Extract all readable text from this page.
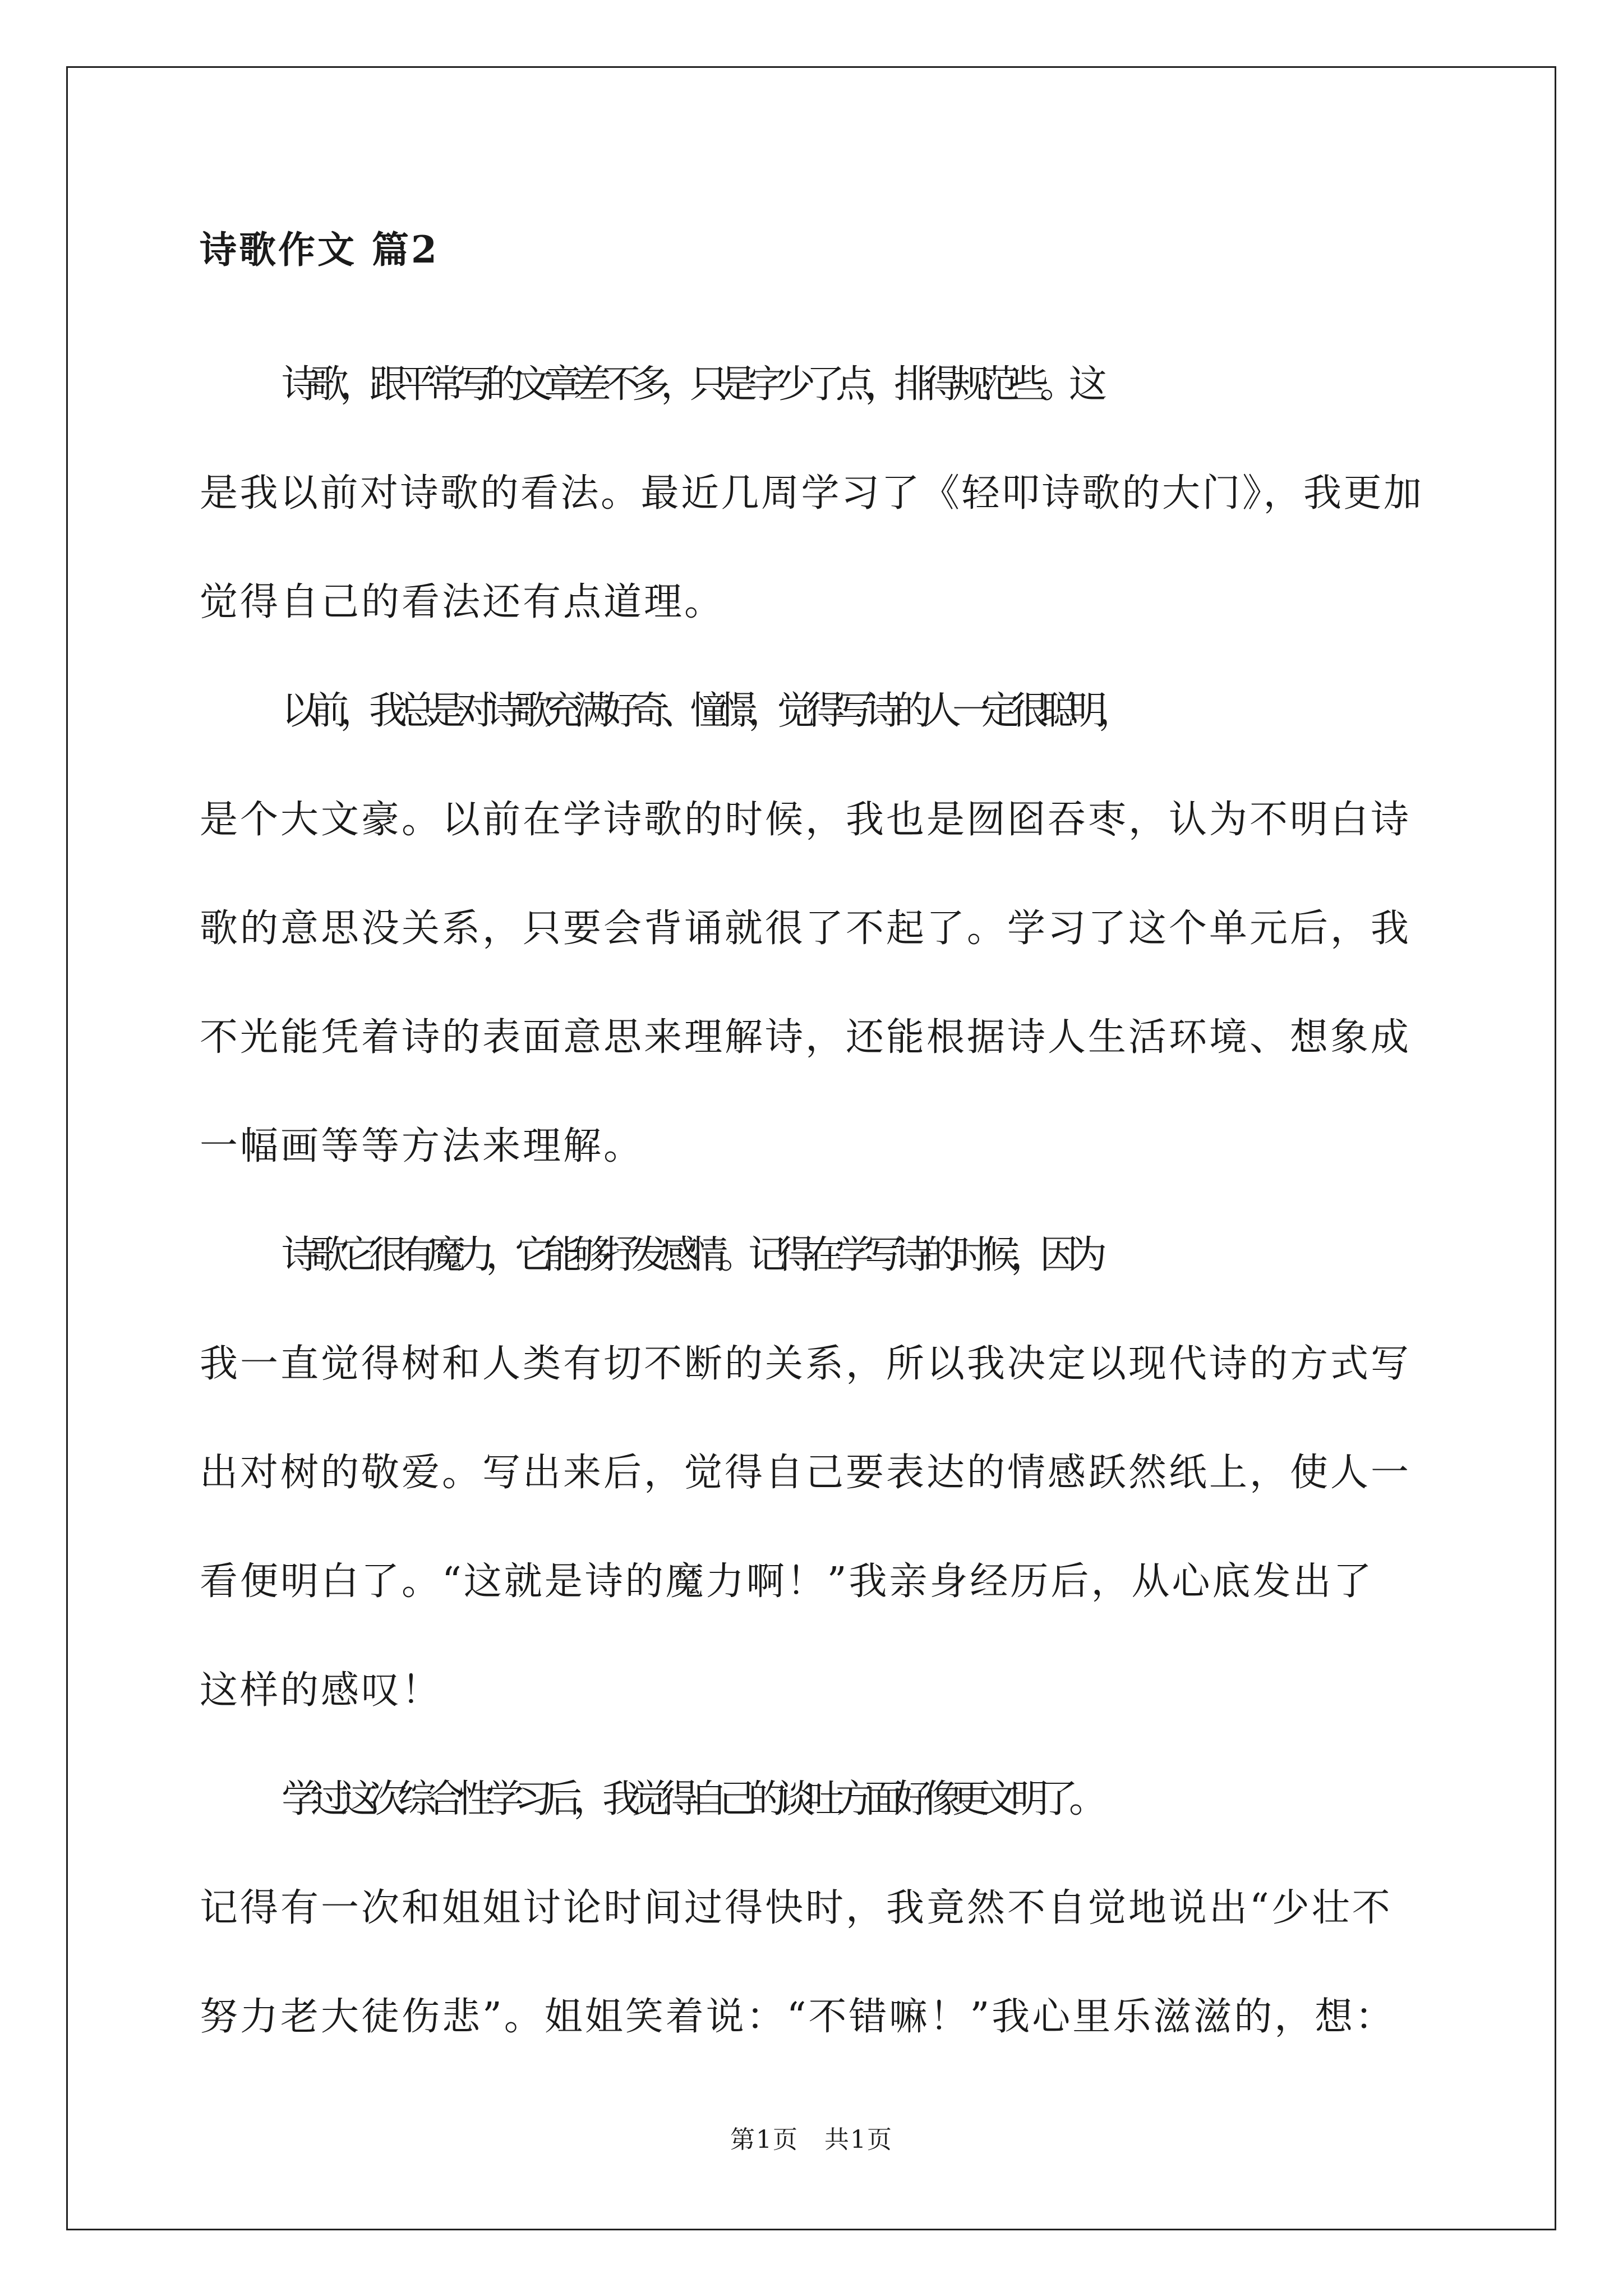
诗歌作文 篇2

诗歌，跟平常写的文章差不多，只是字少了点，排得规范些。这
是我以前对诗歌的看法。最近几周学习了《轻叩诗歌的大门》，我更加
觉得自己的看法还有点道理。

以前，我总是对诗歌充满好奇、憧憬，觉得写诗的人一定很聪明，
是个大文豪。以前在学诗歌的时候，我也是囫囵吞枣，认为不明白诗
歌的意思没关系，只要会背诵就很了不起了。学习了这个单元后，我
不光能凭着诗的表面意思来理解诗，还能根据诗人生活环境、想象成
一幅画等等方法来理解。

诗歌它很有魔力，它能够抒发感情。记得在学写诗的时候，因为
我一直觉得树和人类有切不断的关系，所以我决定以现代诗的方式写
出对树的敬爱。写出来后，觉得自己要表达的情感跃然纸上，使人一
看便明白了。“这就是诗的魔力啊！”我亲身经历后，从心底发出了
这样的感叹！

学过这次综合性学习后，我觉得自己的谈吐方面好像更文明了。
记得有一次和姐姐讨论时间过得快时，我竟然不自觉地说出“少壮不
努力老大徒伤悲”。姐姐笑着说：“不错嘛！”我心里乐滋滋的，想：

第1页　共1页
